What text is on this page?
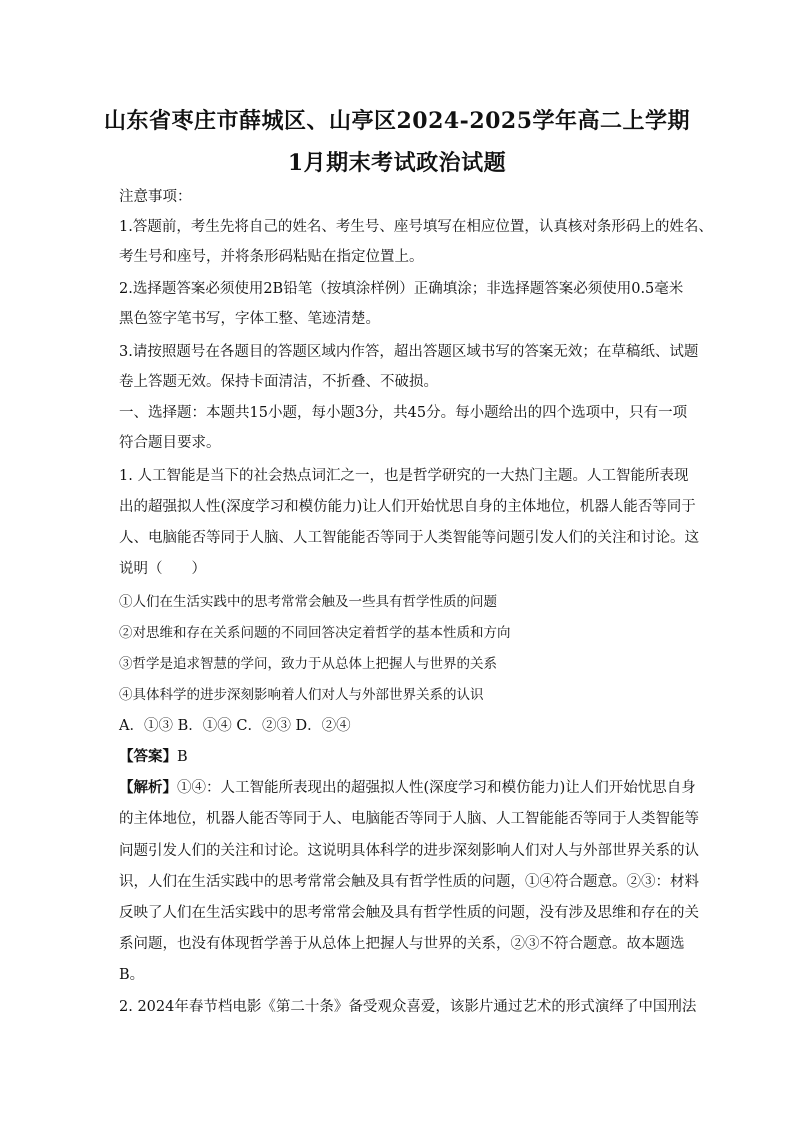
山东省枣庄市薛城区、山亭区2024-2025学年高二上学期
1月期末考试政治试题
注意事项：
1.答题前，考生先将自己的姓名、考生号、座号填写在相应位置，认真核对条形码上的姓名、
考生号和座号，并将条形码粘贴在指定位置上。
2.选择题答案必须使用2B铅笔（按填涂样例）正确填涂；非选择题答案必须使用0.5毫米
黑色签字笔书写，字体工整、笔迹清楚。
3.请按照题号在各题目的答题区域内作答，超出答题区域书写的答案无效；在草稿纸、试题
卷上答题无效。保持卡面清洁，不折叠、不破损。
一、选择题：本题共15小题，每小题3分，共45分。每小题给出的四个选项中，只有一项
符合题目要求。
1. 人工智能是当下的社会热点词汇之一，也是哲学研究的一大热门主题。人工智能所表现
出的超强拟人性(深度学习和模仿能力)让人们开始忧思自身的主体地位，机器人能否等同于
人、电脑能否等同于人脑、人工智能能否等同于人类智能等问题引发人们的关注和讨论。这
说明（　　）
①人们在生活实践中的思考常常会触及一些具有哲学性质的问题
②对思维和存在关系问题的不同回答决定着哲学的基本性质和方向
③哲学是追求智慧的学问，致力于从总体上把握人与世界的关系
④具体科学的进步深刻影响着人们对人与外部世界关系的认识
A．①③ B．①④ C．②③ D．②④
【答案】B
【解析】①④：人工智能所表现出的超强拟人性(深度学习和模仿能力)让人们开始忧思自身
的主体地位，机器人能否等同于人、电脑能否等同于人脑、人工智能能否等同于人类智能等
问题引发人们的关注和讨论。这说明具体科学的进步深刻影响人们对人与外部世界关系的认
识，人们在生活实践中的思考常常会触及具有哲学性质的问题，①④符合题意。②③：材料
反映了人们在生活实践中的思考常常会触及具有哲学性质的问题，没有涉及思维和存在的关
系问题，也没有体现哲学善于从总体上把握人与世界的关系，②③不符合题意。故本题选
B。
2. 2024年春节档电影《第二十条》备受观众喜爱，该影片通过艺术的形式演绎了中国刑法
